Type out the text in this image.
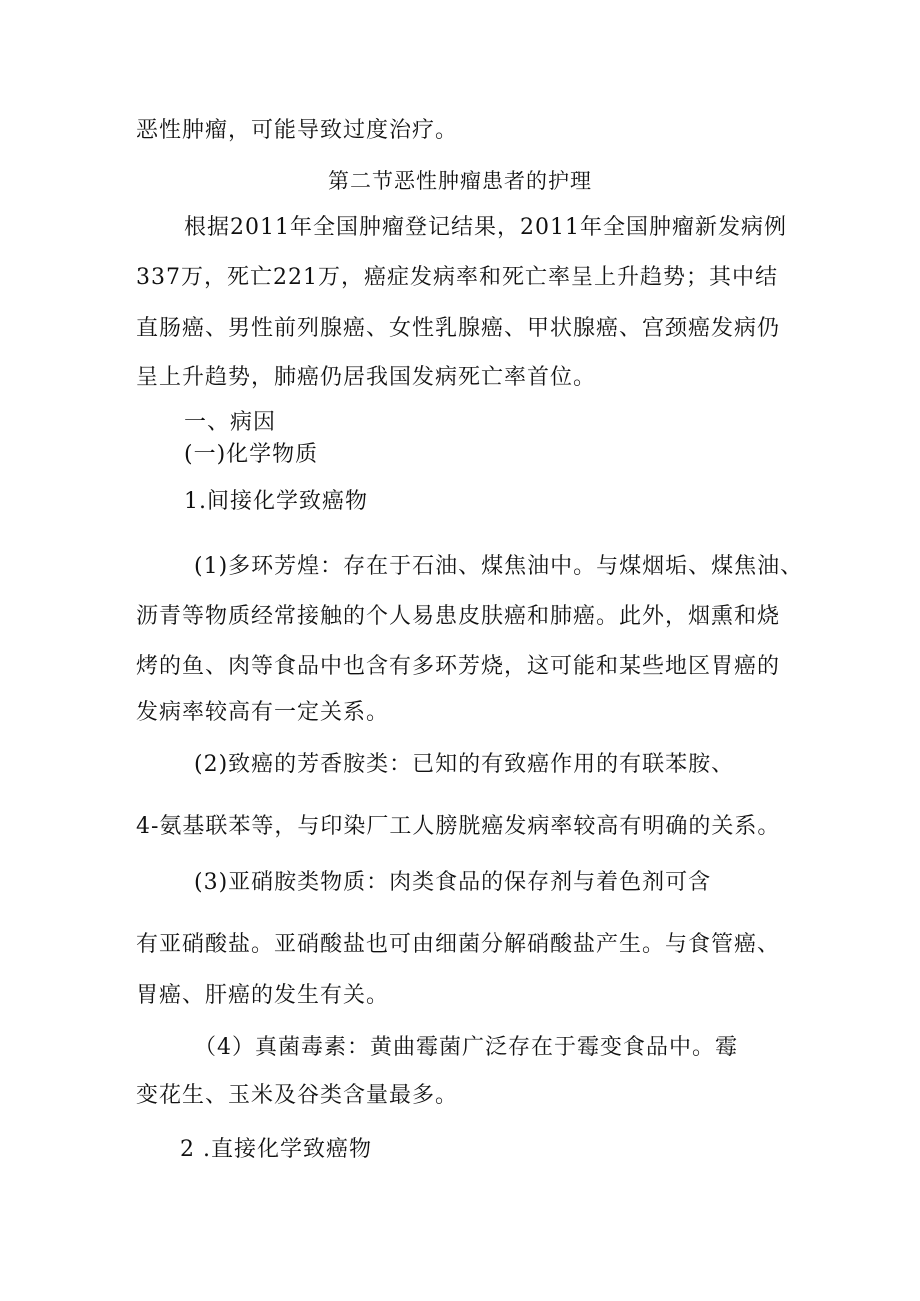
恶性肿瘤，可能导致过度治疗。
第二节恶性肿瘤患者的护理
根据2011年全国肿瘤登记结果，2011年全国肿瘤新发病例
337万，死亡221万，癌症发病率和死亡率呈上升趋势；其中结
直肠癌、男性前列腺癌、女性乳腺癌、甲状腺癌、宫颈癌发病仍
呈上升趋势，肺癌仍居我国发病死亡率首位。
一、病因
(一)化学物质
1.间接化学致癌物
(1)多环芳煌：存在于石油、煤焦油中。与煤烟垢、煤焦油、
沥青等物质经常接触的个人易患皮肤癌和肺癌。此外，烟熏和烧
烤的鱼、肉等食品中也含有多环芳烧，这可能和某些地区胃癌的
发病率较高有一定关系。
(2)致癌的芳香胺类：已知的有致癌作用的有联苯胺、
4-氨基联苯等，与印染厂工人膀胱癌发病率较高有明确的关系。
(3)亚硝胺类物质：肉类食品的保存剂与着色剂可含
有亚硝酸盐。亚硝酸盐也可由细菌分解硝酸盐产生。与食管癌、
胃癌、肝癌的发生有关。
（4）真菌毒素：黄曲霉菌广泛存在于霉变食品中。霉
变花生、玉米及谷类含量最多。
2 .直接化学致癌物
